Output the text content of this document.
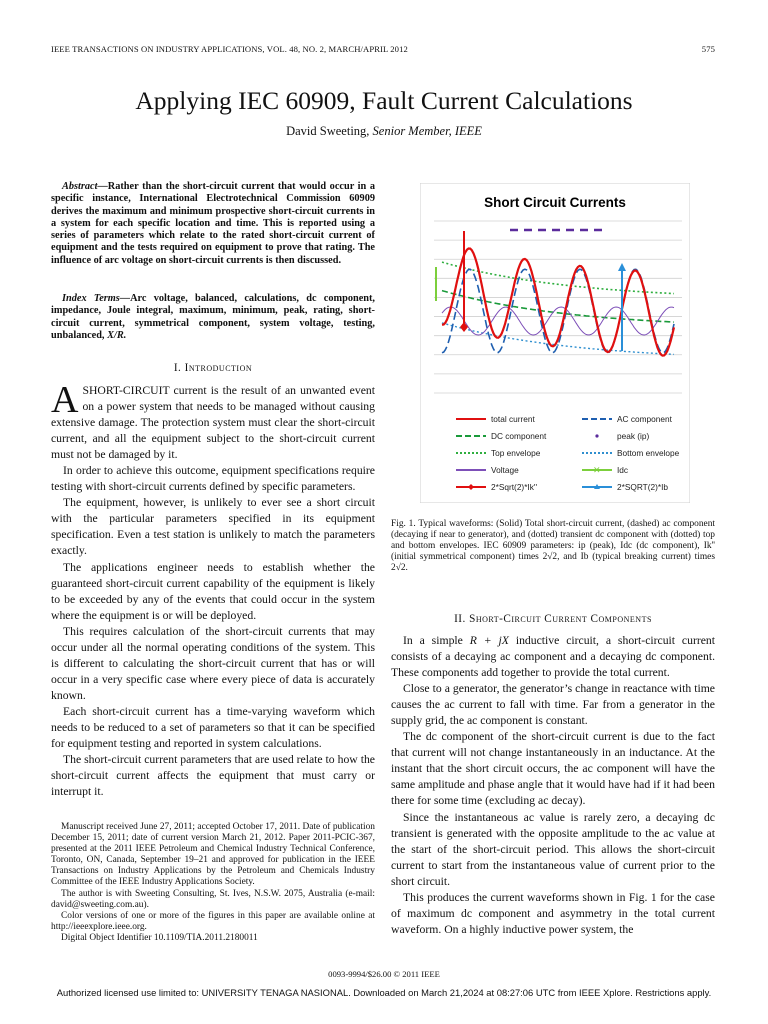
IEEE TRANSACTIONS ON INDUSTRY APPLICATIONS, VOL. 48, NO. 2, MARCH/APRIL 2012	575
Applying IEC 60909, Fault Current Calculations
David Sweeting, Senior Member, IEEE

Abstract—Rather than the short-circuit current that would occur in a specific instance, International Electrotechnical Commission 60909 derives the maximum and minimum prospective short-circuit currents in a system for each specific location and time. This is reported using a series of parameters which relate to the rated short-circuit current of equipment and the tests required on equipment to prove that rating. The influence of arc voltage on short-circuit currents is then discussed.

Index Terms—Arc voltage, balanced, calculations, dc component, impedance, Joule integral, maximum, minimum, peak, rating, short-circuit current, symmetrical component, system voltage, testing, unbalanced, X/R.

I. Introduction

ASHORT-CIRCUIT current is the result of an unwanted event on a power system that needs to be managed without causing extensive damage. The protection system must clear the short-circuit current, and all the equipment subject to the short-circuit current must not be damaged by it.

In order to achieve this outcome, equipment specifications require testing with short-circuit currents defined by specific parameters.

The equipment, however, is unlikely to ever see a short circuit with the particular parameters specified in its equipment specification. Even a test station is unlikely to match the parameters exactly.

The applications engineer needs to establish whether the guaranteed short-circuit current capability of the equipment is likely to be exceeded by any of the events that could occur in the system where the equipment is or will be deployed.

This requires calculation of the short-circuit currents that may occur under all the normal operating conditions of the system. This is different to calculating the short-circuit current that has or will occur in a very specific case where every piece of data is accurately known.

Each short-circuit current has a time-varying waveform which needs to be reduced to a set of parameters so that it can be specified for equipment testing and reported in system calculations.

The short-circuit current parameters that are used relate to how the short-circuit current affects the equipment that must carry or interrupt it.

Manuscript received June 27, 2011; accepted October 17, 2011. Date of publication December 15, 2011; date of current version March 21, 2012. Paper 2011-PCIC-367, presented at the 2011 IEEE Petroleum and Chemical Industry Technical Conference, Toronto, ON, Canada, September 19–21 and approved for publication in the IEEE Transactions on Industry Applications by the Petroleum and Chemicals Industry Committee of the IEEE Industry Applications Society.

The author is with Sweeting Consulting, St. Ives, N.S.W. 2075, Australia (e-mail: david@sweeting.com.au).

Color versions of one or more of the figures in this paper are available online at http://ieeexplore.ieee.org.

Digital Object Identifier 10.1109/TIA.2011.2180011

Short Circuit Currents
total current	AC component
DC component	peak (ip)
Top envelope	Bottom envelope
Voltage	✕ Idc
2*Sqrt(2)*Ik''	2*SQRT(2)*Ib
Fig. 1. Typical waveforms: (Solid) Total short-circuit current, (dashed) ac component (decaying if near to generator), and (dotted) transient dc component with (dotted) top and bottom envelopes. IEC 60909 parameters: ip (peak), Idc (dc component), Ik'' (initial symmetrical component) times 2√2, and Ib (typical breaking current) times 2√2.
II. Short-Circuit Current Components

In a simple R + jX inductive circuit, a short-circuit current consists of a decaying ac component and a decaying dc component. These components add together to provide the total current.

Close to a generator, the generator’s change in reactance with time causes the ac current to fall with time. Far from a generator in the supply grid, the ac component is constant.

The dc component of the short-circuit current is due to the fact that current will not change instantaneously in an inductance. At the instant that the short circuit occurs, the ac component will have the same amplitude and phase angle that it would have had if it had been there for some time (excluding ac decay).

Since the instantaneous ac value is rarely zero, a decaying dc transient is generated with the opposite amplitude to the ac value at the start of the short-circuit period. This allows the short-circuit current to start from the instantaneous value of current prior to the short circuit.

This produces the current waveforms shown in Fig. 1 for the case of maximum dc component and asymmetry in the total current waveform. On a highly inductive power system, the

0093-9994/$26.00 © 2011 IEEE
Authorized licensed use limited to: UNIVERSITY TENAGA NASIONAL. Downloaded on March 21,2024 at 08:27:06 UTC from IEEE Xplore. Restrictions apply.
